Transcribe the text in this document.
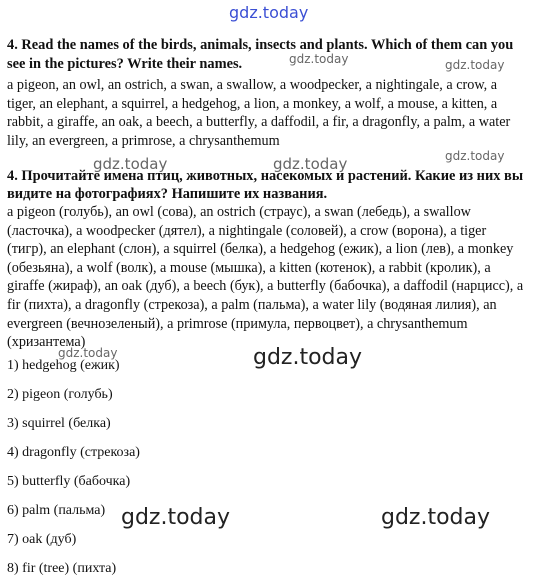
gdz.today
4. Read the names of the birds, animals, insects and plants. Which of them can you see in the pictures? Write their names.
a pigeon, an owl, an ostrich, a swan, a swallow, a woodpecker, a nightingale, a crow, a tiger, an elephant, a squirrel, a hedgehog, a lion, a monkey, a wolf, a mouse, a kitten, a rabbit, a giraffe, an oak, a beech, a butterfly, a daffodil, a fir, a dragonfly, a palm, a water lily, an evergreen, a primrose, a chrysanthemum
4. Прочитайте имена птиц, животных, насекомых и растений. Какие из них вы видите на фотографиях? Напишите их названия.
a pigeon (голубь), an owl (сова), an ostrich (страус), a swan (лебедь), a swallow (ласточка), a woodpecker (дятел), a nightingale (соловей), a crow (ворона), a tiger (тигр), an elephant (слон), a squirrel (белка), a hedgehog (ежик), a lion (лев), a monkey (обезьяна), a wolf (волк), a mouse (мышка), a kitten (котенок), a rabbit (кролик), a giraffe (жираф), an oak (дуб), a beech (бук), a butterfly (бабочка), a daffodil (нарцисс), a fir (пихта), a dragonfly (стрекоза), a palm (пальма), a water lily (водяная лилия), an evergreen (вечнозеленый), a primrose (примула, первоцвет), a chrysanthemum (хризантема)
1) hedgehog (ежик)
2) pigeon (голубь)
3) squirrel (белка)
4) dragonfly (стрекоза)
5) butterfly (бабочка)
6) palm (пальма)
7) oak (дуб)
8) fir (tree) (пихта)
gdz.today	gdz.today
gdz.today	gdz.today	gdz.today
gdz.today	gdz.today
gdz.today	gdz.today
